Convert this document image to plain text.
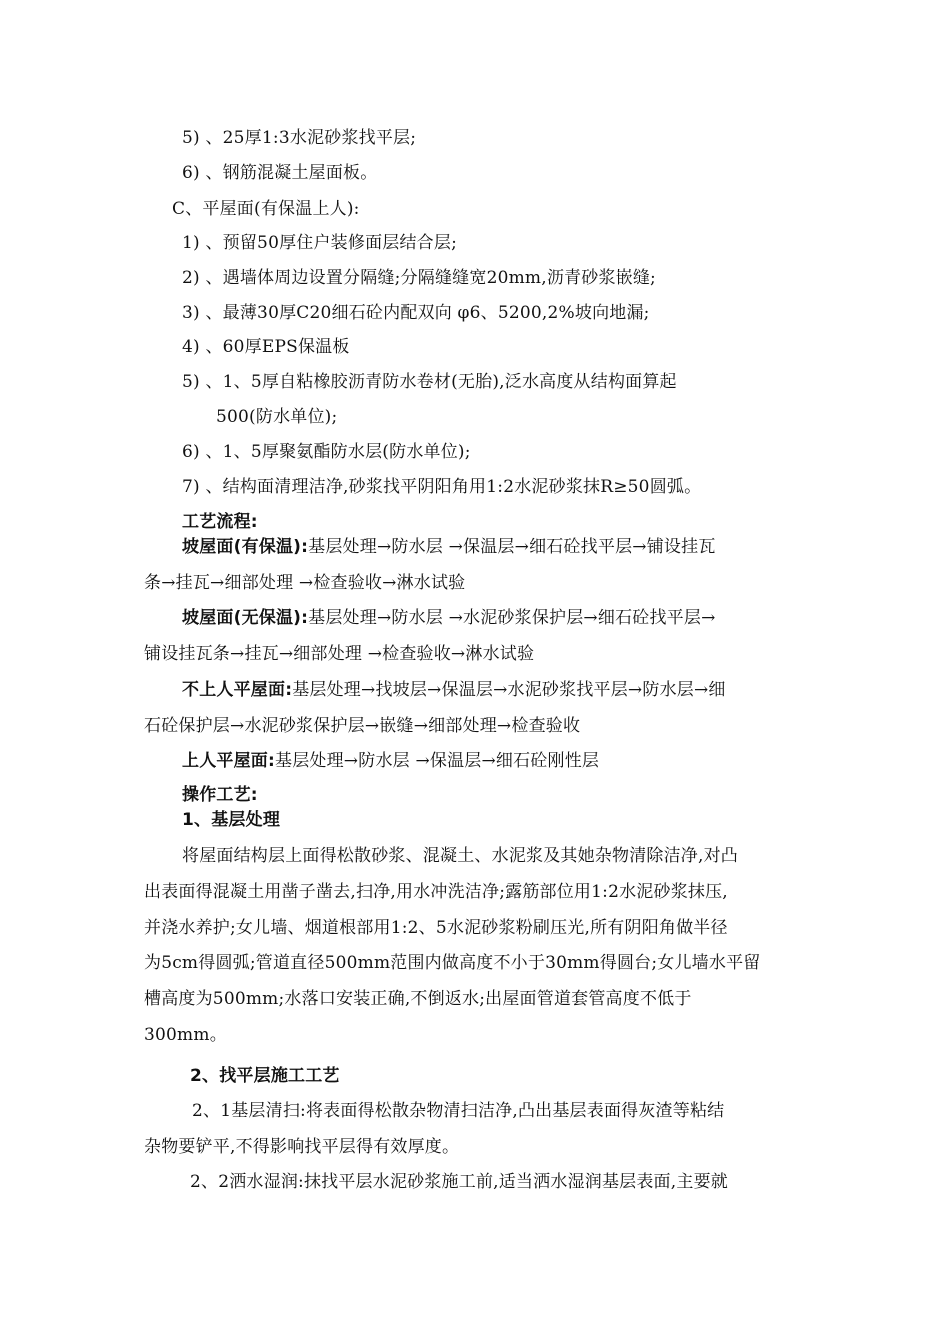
5) 、25厚1:3水泥砂浆找平层;
6) 、钢筋混凝土屋面板。
C、平屋面(有保温上人):
1) 、预留50厚住户装修面层结合层;
2) 、遇墙体周边设置分隔缝;分隔缝缝宽20mm,沥青砂浆嵌缝;
3) 、最薄30厚C20细石砼内配双向 φ6、5200,2%坡向地漏;
4) 、60厚EPS保温板
5) 、1、5厚自粘橡胶沥青防水卷材(无胎),泛水高度从结构面算起
500(防水单位);
6) 、1、5厚聚氨酯防水层(防水单位);
7) 、结构面清理洁净,砂浆找平阴阳角用1:2水泥砂浆抹R≥50圆弧。
工艺流程:
坡屋面(有保温):基层处理→防水层 →保温层→细石砼找平层→铺设挂瓦
条→挂瓦→细部处理 →检查验收→淋水试验
坡屋面(无保温):基层处理→防水层 →水泥砂浆保护层→细石砼找平层→
铺设挂瓦条→挂瓦→细部处理 →检查验收→淋水试验
不上人平屋面:基层处理→找坡层→保温层→水泥砂浆找平层→防水层→细
石砼保护层→水泥砂浆保护层→嵌缝→细部处理→检查验收
上人平屋面:基层处理→防水层 →保温层→细石砼刚性层
操作工艺:
1、基层处理
将屋面结构层上面得松散砂浆、混凝土、水泥浆及其她杂物清除洁净,对凸
出表面得混凝土用凿子凿去,扫净,用水冲洗洁净;露筋部位用1:2水泥砂浆抹压,
并浇水养护;女儿墙、烟道根部用1:2、5水泥砂浆粉刷压光,所有阴阳角做半径
为5cm得圆弧;管道直径500mm范围内做高度不小于30mm得圆台;女儿墙水平留
槽高度为500mm;水落口安装正确,不倒返水;出屋面管道套管高度不低于
300mm。
2、找平层施工工艺
2、1基层清扫:将表面得松散杂物清扫洁净,凸出基层表面得灰渣等粘结
杂物要铲平,不得影响找平层得有效厚度。
2、2洒水湿润:抹找平层水泥砂浆施工前,适当洒水湿润基层表面,主要就
